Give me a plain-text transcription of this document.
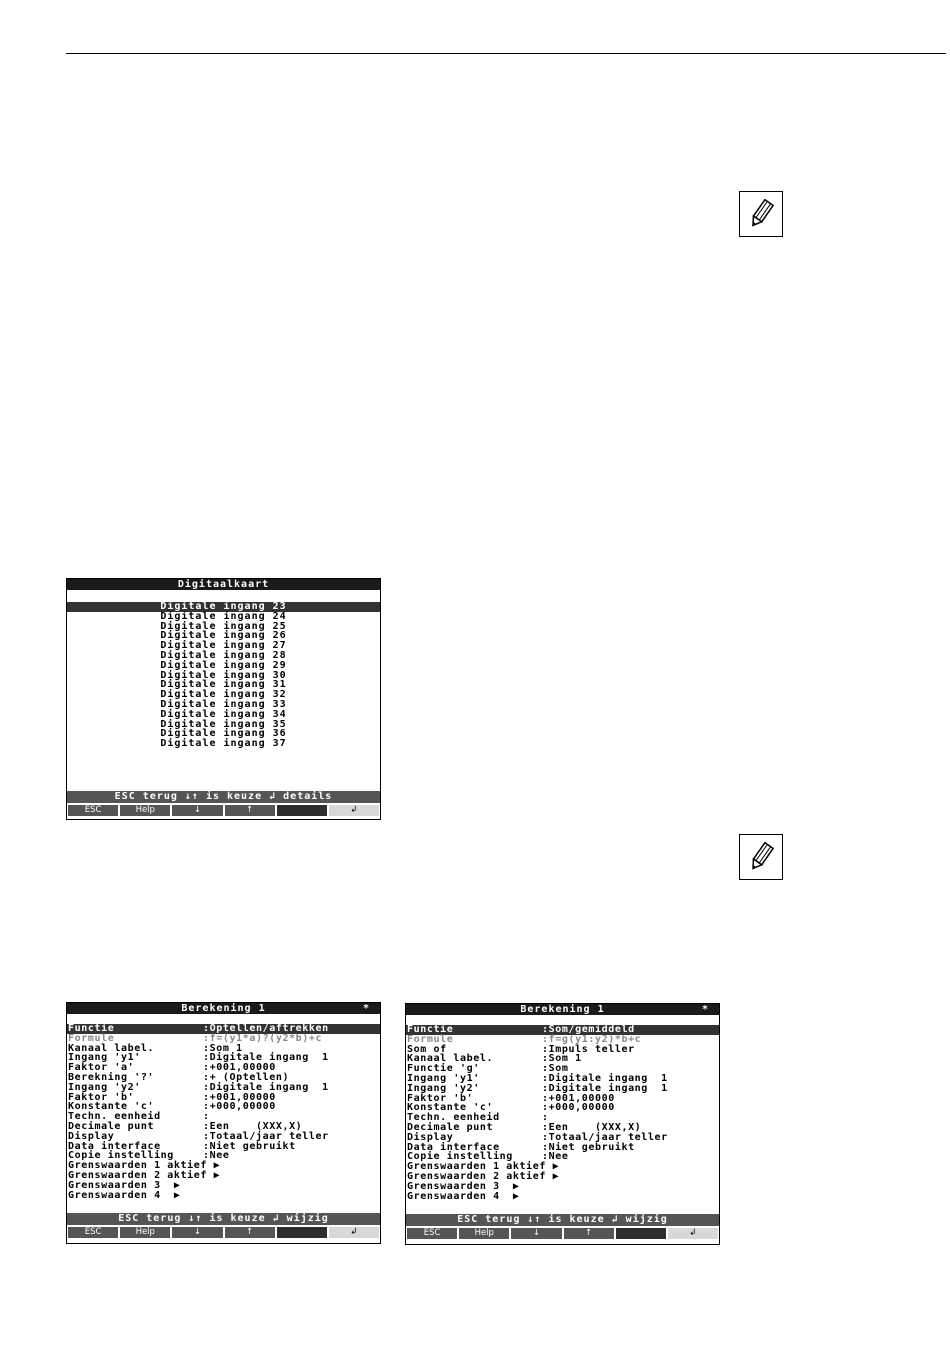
Digitaalkaart
Digitale ingang 23
Digitale ingang 24
Digitale ingang 25
Digitale ingang 26
Digitale ingang 27
Digitale ingang 28
Digitale ingang 29
Digitale ingang 30
Digitale ingang 31
Digitale ingang 32
Digitale ingang 33
Digitale ingang 34
Digitale ingang 35
Digitale ingang 36
Digitale ingang 37
ESC terug ↓↑ is keuze ↲ details
ESC	Help	↓	↑	↲
Berekening 1	*
Functie	:Optellen/aftrekken
Formule	:f=(y1*a)?(y2*b)+c
Kanaal label.	:Som 1
Ingang 'y1'	:Digitale ingang  1
Faktor 'a'	:+001,00000
Berekning '?'	:+ (Optellen)
Ingang 'y2'	:Digitale ingang  1
Faktor 'b'	:+001,00000
Konstante 'c'	:+000,00000
Techn. eenheid	:
Decimale punt	:Een    (XXX,X)
Display	:Totaal/jaar teller
Data interface	:Niet gebruikt
Copie instelling	:Nee
Grenswaarden 1 aktief ▶
Grenswaarden 2 aktief ▶
Grenswaarden 3  ▶
Grenswaarden 4  ▶
ESC terug ↓↑ is keuze ↲ wijzig
ESC	Help	↓	↑	↲
Berekening 1	*
Functie	:Som/gemiddeld
Formule	:f=g(y1:y2)*b+c
Som of	:Impuls teller
Kanaal label.	:Som 1
Functie 'g'	:Som
Ingang 'y1'	:Digitale ingang  1
Ingang 'y2'	:Digitale ingang  1
Faktor 'b'	:+001,00000
Konstante 'c'	:+000,00000
Techn. eenheid	:
Decimale punt	:Een    (XXX,X)
Display	:Totaal/jaar teller
Data interface	:Niet gebruikt
Copie instelling	:Nee
Grenswaarden 1 aktief ▶
Grenswaarden 2 aktief ▶
Grenswaarden 3  ▶
Grenswaarden 4  ▶
ESC terug ↓↑ is keuze ↲ wijzig
ESC	Help	↓	↑	↲
